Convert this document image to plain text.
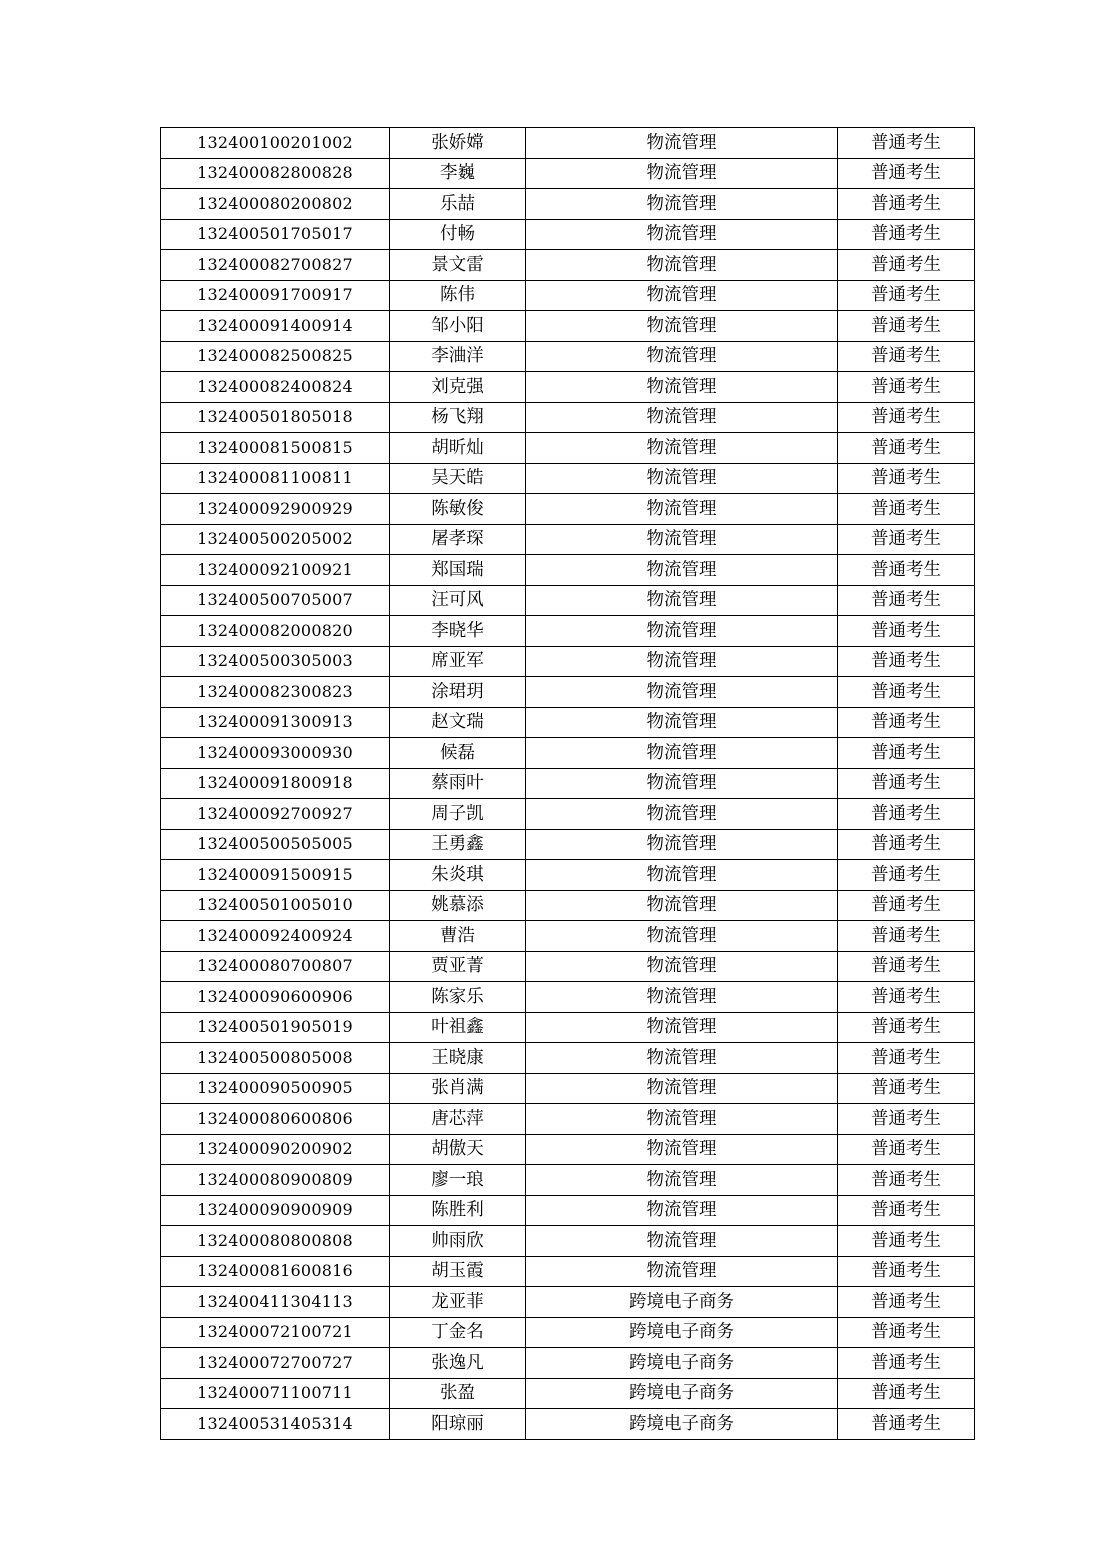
132400100201002	张娇嫦	物流管理	普通考生
132400082800828	李巍	物流管理	普通考生
132400080200802	乐喆	物流管理	普通考生
132400501705017	付畅	物流管理	普通考生
132400082700827	景文雷	物流管理	普通考生
132400091700917	陈伟	物流管理	普通考生
132400091400914	邹小阳	物流管理	普通考生
132400082500825	李浀洋	物流管理	普通考生
132400082400824	刘克强	物流管理	普通考生
132400501805018	杨飞翔	物流管理	普通考生
132400081500815	胡昕灿	物流管理	普通考生
132400081100811	吴天皓	物流管理	普通考生
132400092900929	陈敏俊	物流管理	普通考生
132400500205002	屠孝琛	物流管理	普通考生
132400092100921	郑国瑞	物流管理	普通考生
132400500705007	汪可风	物流管理	普通考生
132400082000820	李晓华	物流管理	普通考生
132400500305003	席亚军	物流管理	普通考生
132400082300823	涂珺玥	物流管理	普通考生
132400091300913	赵文瑞	物流管理	普通考生
132400093000930	候磊	物流管理	普通考生
132400091800918	蔡雨叶	物流管理	普通考生
132400092700927	周子凯	物流管理	普通考生
132400500505005	王勇鑫	物流管理	普通考生
132400091500915	朱炎琪	物流管理	普通考生
132400501005010	姚慕添	物流管理	普通考生
132400092400924	曹浩	物流管理	普通考生
132400080700807	贾亚菁	物流管理	普通考生
132400090600906	陈家乐	物流管理	普通考生
132400501905019	叶祖鑫	物流管理	普通考生
132400500805008	王晓康	物流管理	普通考生
132400090500905	张肖满	物流管理	普通考生
132400080600806	唐芯萍	物流管理	普通考生
132400090200902	胡傲天	物流管理	普通考生
132400080900809	廖一琅	物流管理	普通考生
132400090900909	陈胜利	物流管理	普通考生
132400080800808	帅雨欣	物流管理	普通考生
132400081600816	胡玉霞	物流管理	普通考生
132400411304113	龙亚菲	跨境电子商务	普通考生
132400072100721	丁金名	跨境电子商务	普通考生
132400072700727	张逸凡	跨境电子商务	普通考生
132400071100711	张盈	跨境电子商务	普通考生
132400531405314	阳琼丽	跨境电子商务	普通考生
